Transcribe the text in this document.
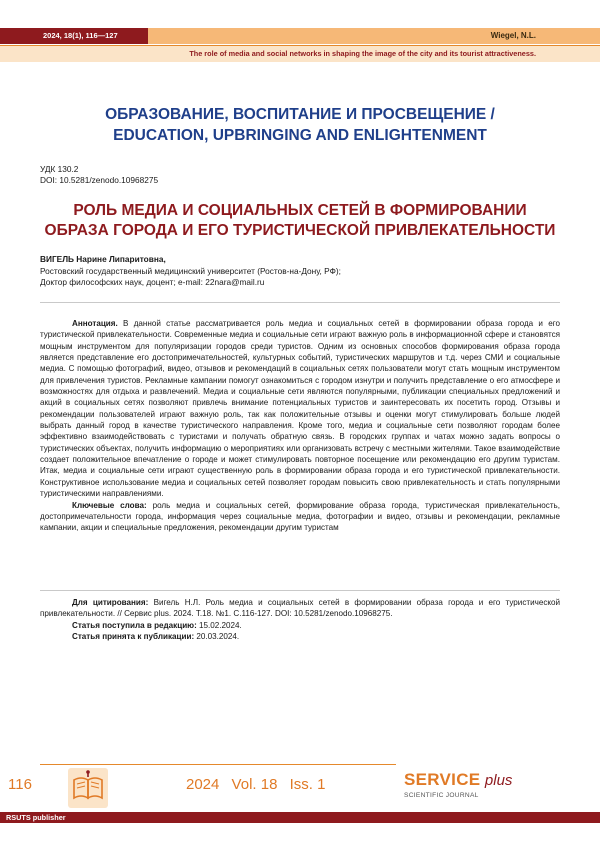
2024, 18(1), 116—127	Wiegel, N.L.
The role of media and social networks in shaping the image of the city and its tourist attractiveness.
ОБРАЗОВАНИЕ, ВОСПИТАНИЕ И ПРОСВЕЩЕНИЕ /
EDUCATION, UPBRINGING AND ENLIGHTENMENT
УДК 130.2
DOI: 10.5281/zenodo.10968275
РОЛЬ МЕДИА И СОЦИАЛЬНЫХ СЕТЕЙ В ФОРМИРОВАНИИ
ОБРАЗА ГОРОДА И ЕГО ТУРИСТИЧЕСКОЙ ПРИВЛЕКАТЕЛЬНОСТИ
ВИГЕЛЬ Нарине Липаритовна,
Ростовский государственный медицинский университет (Ростов-на-Дону, РФ);
Доктор философских наук, доцент; e-mail: 22nara@mail.ru

Аннотация. В данной статье рассматривается роль медиа и социальных сетей в формировании образа города и его туристической привлекательности. Современные медиа и социальные сети играют важную роль в информационной сфере и становятся мощным инструментом для популяризации городов среди туристов. Одним из основных способов формирования образа города является представление его достопримечательностей, культурных событий, туристических маршрутов и т.д. через СМИ и социальные медиа. С помощью фотографий, видео, отзывов и рекомендаций в социальных сетях пользователи могут стать мощным инструментом для привлечения туристов. Рекламные кампании помогут ознакомиться с городом изнутри и получить представление о его атмосфере и возможностях для отдыха и развлечений. Медиа и социальные сети являются популярными, публикации специальных предложений и акций в социальных сетях позволяют привлечь внимание потенциальных туристов и заинтересовать их посетить город. Отзывы и рекомендации пользователей играют важную роль, так как положительные отзывы и оценки могут стимулировать больше людей выбрать данный город в качестве туристического направления. Кроме того, медиа и социальные сети позволяют городам более эффективно взаимодействовать с туристами и получать обратную связь. В городских группах и чатах можно задать вопросы о туристических объектах, получить информацию о мероприятиях или организовать встречу с местными жителями. Такое взаимодействие создает положительное впечатление о городе и может стимулировать повторное посещение или рекомендацию его другим туристам. Итак, медиа и социальные сети играют существенную роль в формировании образа города и его туристической привлекательности. Конструктивное использование медиа и социальных сетей позволяет городам повысить свою привлекательность и стать популярными туристическими направлениями.

Ключевые слова: роль медиа и социальных сетей, формирование образа города, туристическая привлекательность, достопримечательности города, информация через социальные медиа, фотографии и видео, отзывы и рекомендации, рекламные кампании, акции и специальные предложения, рекомендации другим туристам

Для цитирования: Вигель Н.Л. Роль медиа и социальных сетей в формировании образа города и его туристической привлекательности. // Сервис plus. 2024. Т.18. №1. С.116-127. DOI: 10.5281/zenodo.10968275.

Статья поступила в редакцию: 15.02.2024.

Статья принята к публикации: 20.03.2024.

116	2024 Vol. 18 Iss. 1	SERVICE plus
SCIENTIFIC JOURNAL
RSUTS publisher
